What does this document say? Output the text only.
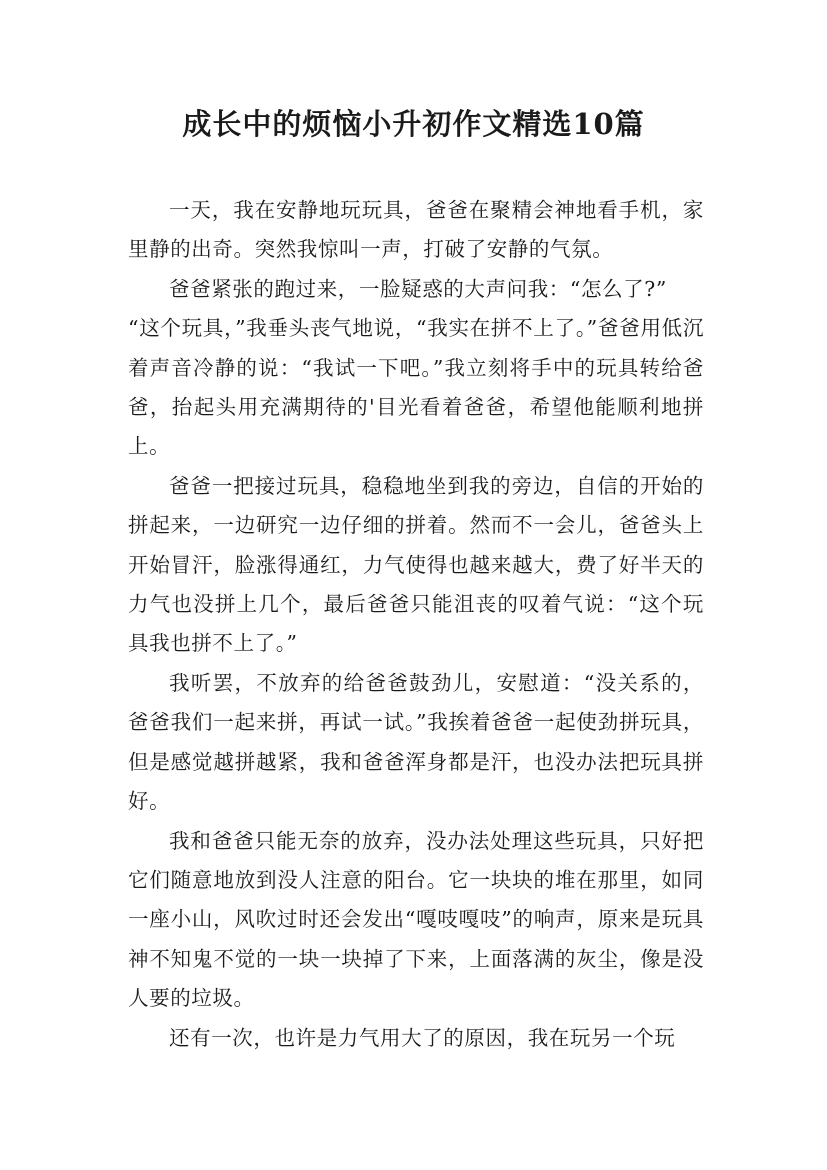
成长中的烦恼小升初作文精选10篇

一天，我在安静地玩玩具，爸爸在聚精会神地看手机，家里静的出奇。突然我惊叫一声，打破了安静的气氛。

爸爸紧张的跑过来，一脸疑惑的大声问我：“怎么了?”

“这个玩具，”我垂头丧气地说，“我实在拼不上了。”爸爸用低沉着声音冷静的说：“我试一下吧。”我立刻将手中的玩具转给爸爸，抬起头用充满期待的'目光看着爸爸，希望他能顺利地拼上。

爸爸一把接过玩具，稳稳地坐到我的旁边，自信的开始的拼起来，一边研究一边仔细的拼着。然而不一会儿，爸爸头上开始冒汗，脸涨得通红，力气使得也越来越大，费了好半天的力气也没拼上几个，最后爸爸只能沮丧的叹着气说：“这个玩具我也拼不上了。”

我听罢，不放弃的给爸爸鼓劲儿，安慰道：“没关系的，爸爸我们一起来拼，再试一试。”我挨着爸爸一起使劲拼玩具，但是感觉越拼越紧，我和爸爸浑身都是汗，也没办法把玩具拼好。

我和爸爸只能无奈的放弃，没办法处理这些玩具，只好把它们随意地放到没人注意的阳台。它一块块的堆在那里，如同一座小山，风吹过时还会发出“嘎吱嘎吱”的响声，原来是玩具神不知鬼不觉的一块一块掉了下来，上面落满的灰尘，像是没人要的垃圾。

还有一次，也许是力气用大了的原因，我在玩另一个玩
